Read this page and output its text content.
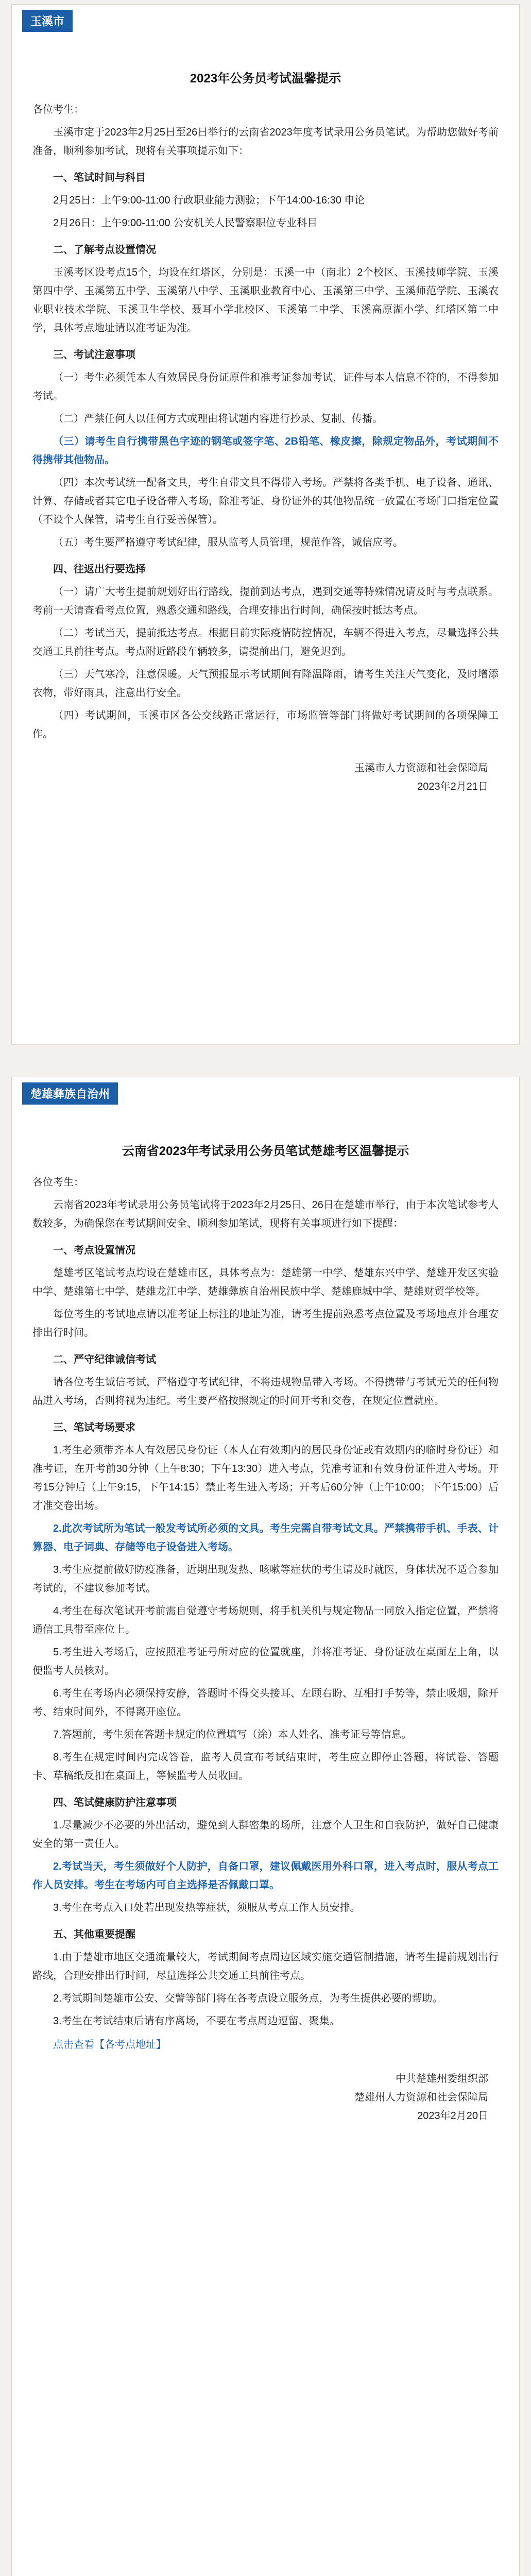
玉溪市
2023年公务员考试温馨提示
各位考生：
玉溪市定于2023年2月25日至26日举行的云南省2023年度考试录用公务员笔试。为帮助您做好考前准备，顺利参加考试，现将有关事项提示如下：
一、笔试时间与科目
2月25日：上午9:00-11:00 行政职业能力测验；下午14:00-16:30 申论
2月26日：上午9:00-11:00 公安机关人民警察职位专业科目
二、了解考点设置情况
玉溪考区设考点15个，均设在红塔区，分别是：玉溪一中（南北）2个校区、玉溪技师学院、玉溪第四中学、玉溪第五中学、玉溪第八中学、玉溪职业教育中心、玉溪第三中学、玉溪师范学院、玉溪农业职业技术学院、玉溪卫生学校、聂耳小学北校区、玉溪第二中学、玉溪高原湖小学、红塔区第二中学，具体考点地址请以准考证为准。
三、考试注意事项
（一）考生必须凭本人有效居民身份证原件和准考证参加考试，证件与本人信息不符的，不得参加考试。
（二）严禁任何人以任何方式或理由将试题内容进行抄录、复制、传播。
（三）请考生自行携带黑色字迹的钢笔或签字笔、2B铅笔、橡皮擦，除规定物品外，考试期间不得携带其他物品。
（四）本次考试统一配备文具，考生自带文具不得带入考场。严禁将各类手机、电子设备、通讯、计算、存储或者其它电子设备带入考场，除准考证、身份证外的其他物品统一放置在考场门口指定位置（不设个人保管，请考生自行妥善保管）。
（五）考生要严格遵守考试纪律，服从监考人员管理，规范作答，诚信应考。
四、往返出行要选择
（一）请广大考生提前规划好出行路线，提前到达考点，遇到交通等特殊情况请及时与考点联系。考前一天请查看考点位置，熟悉交通和路线，合理安排出行时间，确保按时抵达考点。
（二）考试当天，提前抵达考点。根据目前实际疫情防控情况，车辆不得进入考点，尽量选择公共交通工具前往考点。考点附近路段车辆较多，请提前出门，避免迟到。
（三）天气寒冷，注意保暖。天气预报显示考试期间有降温降雨，请考生关注天气变化，及时增添衣物，带好雨具，注意出行安全。
（四）考试期间，玉溪市区各公交线路正常运行，市场监管等部门将做好考试期间的各项保障工作。
玉溪市人力资源和社会保障局
2023年2月21日
楚雄彝族自治州
云南省2023年考试录用公务员笔试楚雄考区温馨提示
各位考生：
云南省2023年考试录用公务员笔试将于2023年2月25日、26日在楚雄市举行，由于本次笔试参考人数较多，为确保您在考试期间安全、顺利参加笔试，现将有关事项进行如下提醒：
一、考点设置情况
楚雄考区笔试考点均设在楚雄市区，具体考点为：楚雄第一中学、楚雄东兴中学、楚雄开发区实验中学、楚雄第七中学、楚雄龙江中学、楚雄彝族自治州民族中学、楚雄鹿城中学、楚雄财贸学校等。
每位考生的考试地点请以准考证上标注的地址为准，请考生提前熟悉考点位置及考场地点并合理安排出行时间。
二、严守纪律诚信考试
请各位考生诚信考试，严格遵守考试纪律，不将违规物品带入考场。不得携带与考试无关的任何物品进入考场，否则将视为违纪。考生要严格按照规定的时间开考和交卷，在规定位置就座。
三、笔试考场要求
1.考生必须带齐本人有效居民身份证（本人在有效期内的居民身份证或有效期内的临时身份证）和准考证，在开考前30分钟（上午8:30；下午13:30）进入考点，凭准考证和有效身份证件进入考场。开考15分钟后（上午9:15，下午14:15）禁止考生进入考场；开考后60分钟（上午10:00；下午15:00）后才准交卷出场。
2.此次考试所为笔试一般发考试所必须的文具。考生完需自带考试文具。严禁携带手机、手表、计算器、电子词典、存储等电子设备进入考场。
3.考生应提前做好防疫准备，近期出现发热、咳嗽等症状的考生请及时就医，身体状况不适合参加考试的，不建议参加考试。
4.考生在每次笔试开考前需自觉遵守考场规则，将手机关机与规定物品一同放入指定位置，严禁将通信工具带至座位上。
5.考生进入考场后，应按照准考证号所对应的位置就座，并将准考证、身份证放在桌面左上角，以便监考人员核对。
6.考生在考场内必须保持安静，答题时不得交头接耳、左顾右盼、互相打手势等，禁止吸烟，除开考、结束时间外，不得离开座位。
7.答题前，考生须在答题卡规定的位置填写（涂）本人姓名、准考证号等信息。
8.考生在规定时间内完成答卷，监考人员宣布考试结束时，考生应立即停止答题，将试卷、答题卡、草稿纸反扣在桌面上，等候监考人员收回。
四、笔试健康防护注意事项
1.尽量减少不必要的外出活动，避免到人群密集的场所，注意个人卫生和自我防护，做好自己健康安全的第一责任人。
2.考试当天，考生须做好个人防护，自备口罩，建议佩戴医用外科口罩，进入考点时，服从考点工作人员安排。考生在考场内可自主选择是否佩戴口罩。
3.考生在考点入口处若出现发热等症状，须服从考点工作人员安排。
五、其他重要提醒
1.由于楚雄市地区交通流量较大，考试期间考点周边区域实施交通管制措施，请考生提前规划出行路线，合理安排出行时间，尽量选择公共交通工具前往考点。
2.考试期间楚雄市公安、交警等部门将在各考点设立服务点，为考生提供必要的帮助。
3.考生在考试结束后请有序离场，不要在考点周边逗留、聚集。
点击查看【各考点地址】
中共楚雄州委组织部
楚雄州人力资源和社会保障局
2023年2月20日
